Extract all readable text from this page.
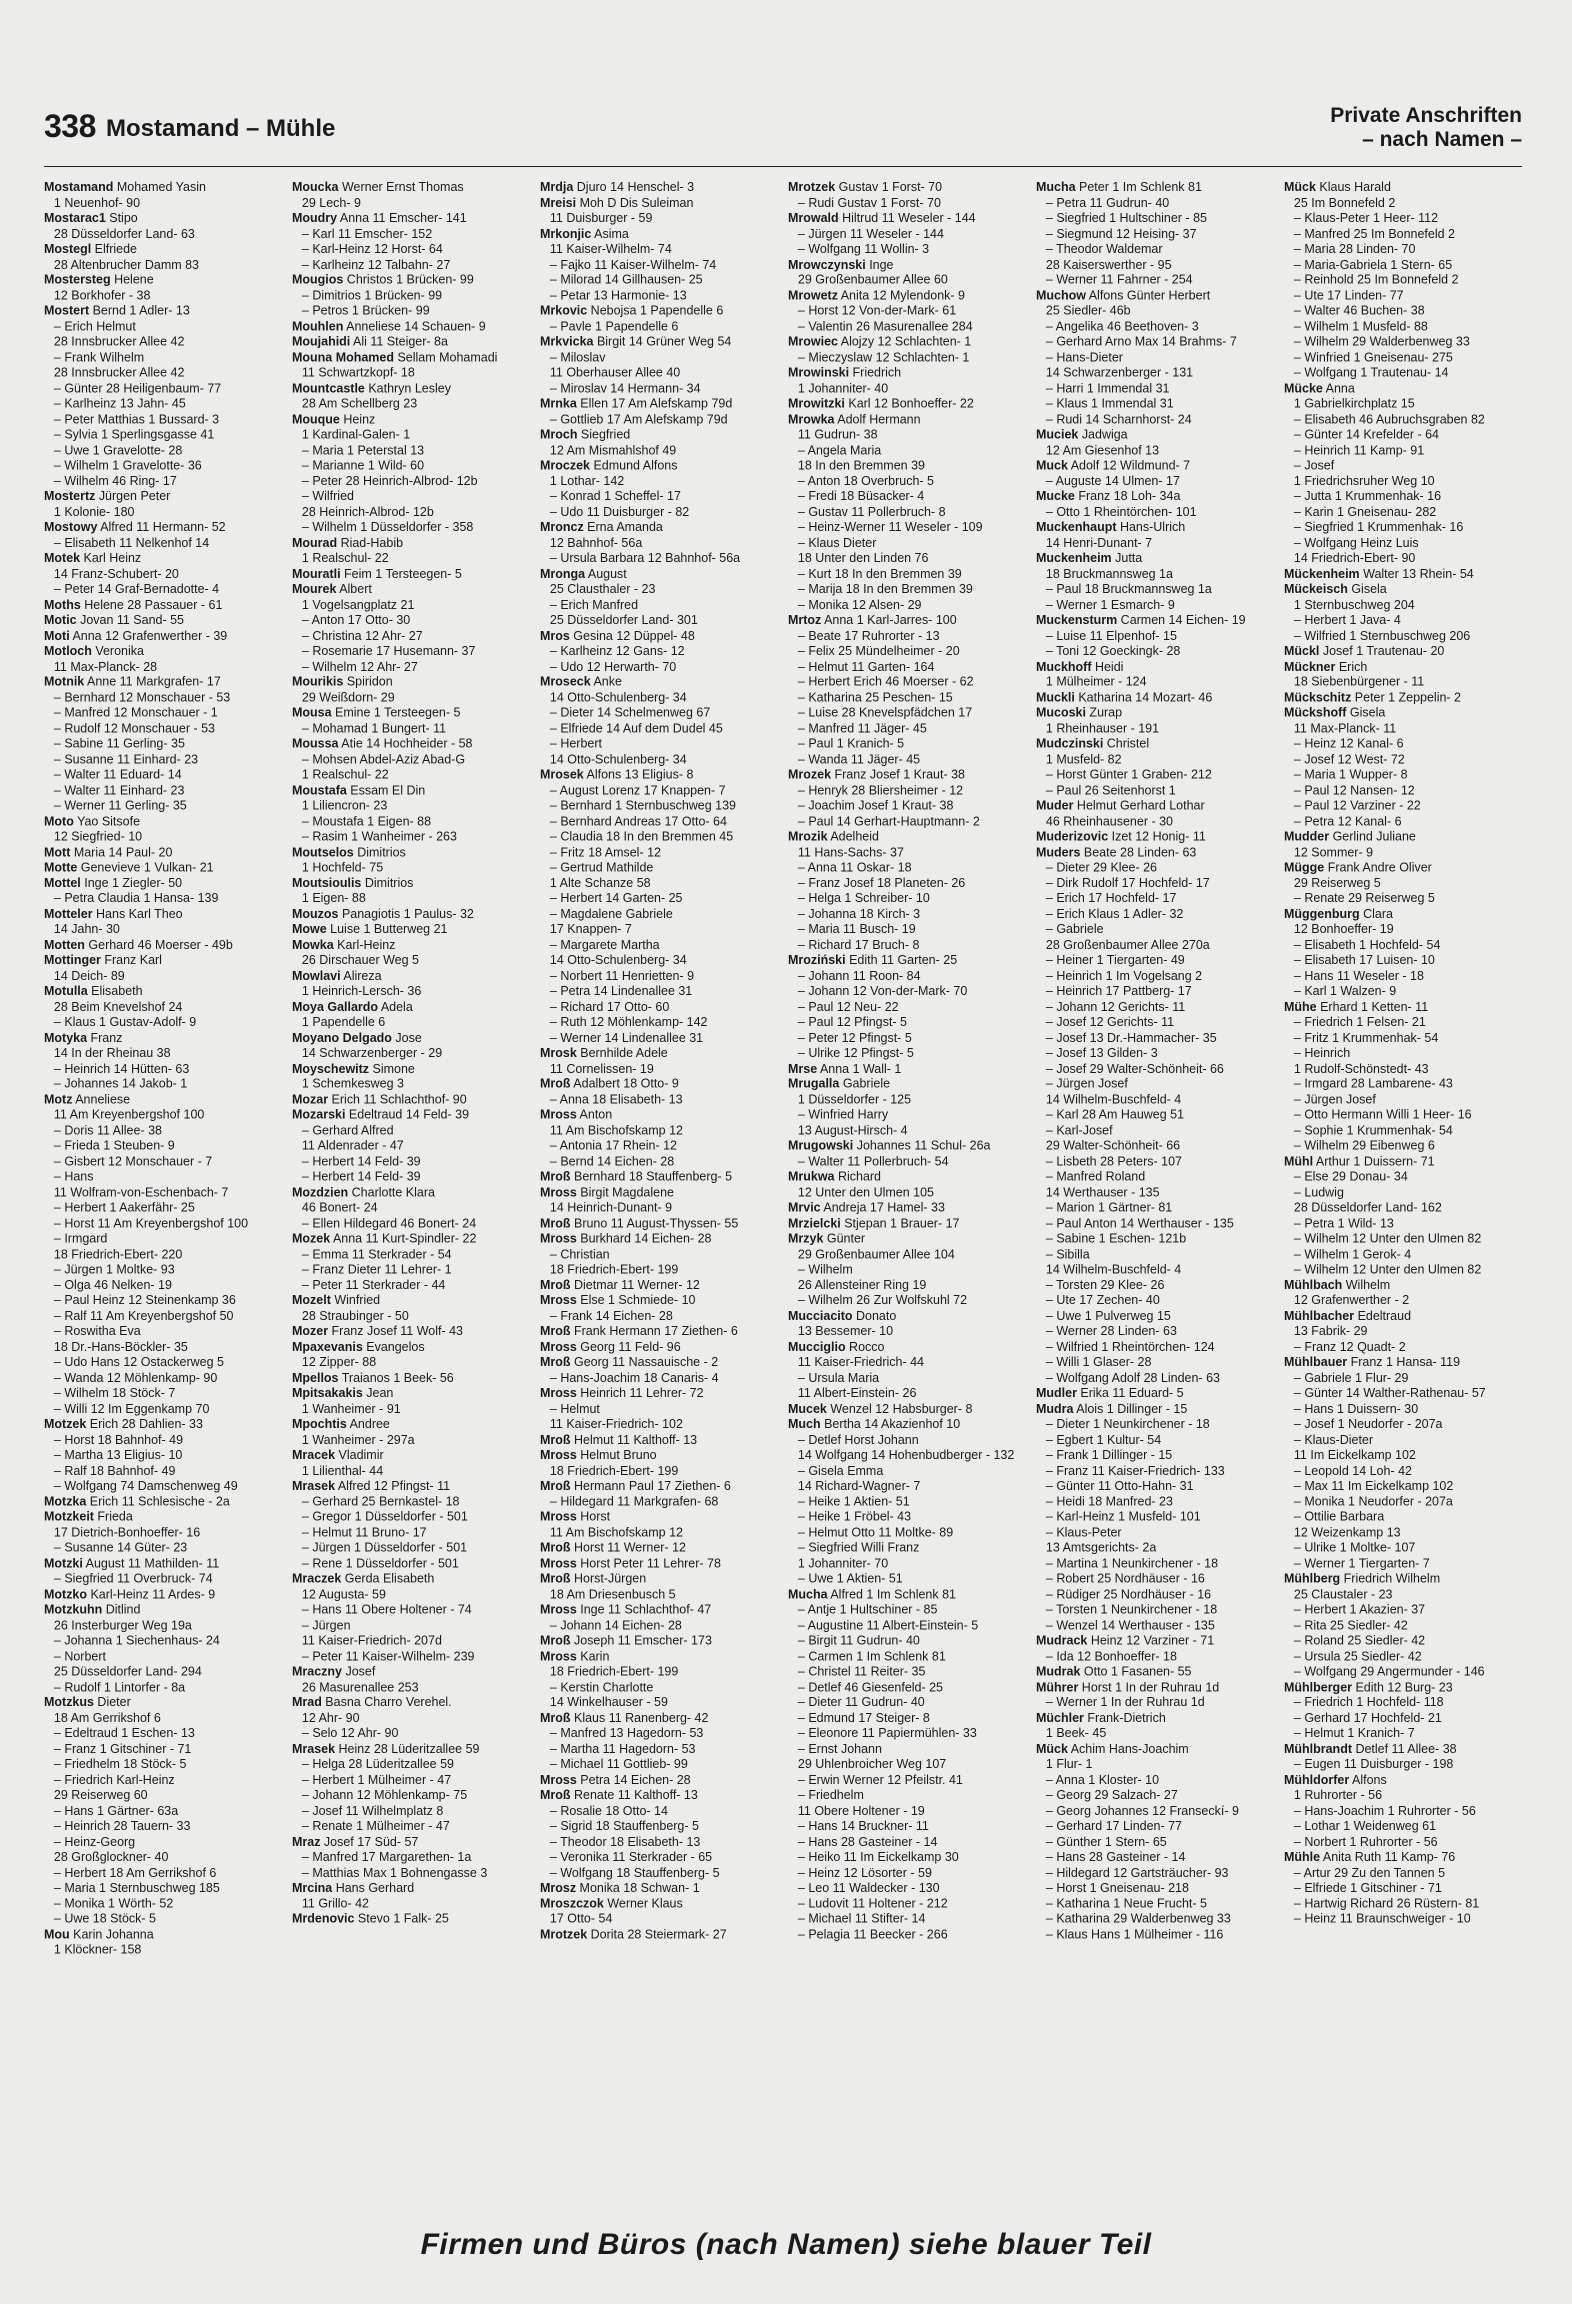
338 Mostamand – Mühle	Private Anschriften
– nach Namen –
Mostamand Mohamed Yasin
1 Neuenhof- 90
Mostarac1 Stipo
28 Düsseldorfer Land- 63
Mostegl Elfriede
28 Altenbrucher Damm 83
Mostersteg Helene
12 Borkhofer - 38
Mostert Bernd 1 Adler- 13
– Erich Helmut
28 Innsbrucker Allee 42
– Frank Wilhelm
28 Innsbrucker Allee 42
– Günter 28 Heiligenbaum- 77
– Karlheinz 13 Jahn- 45
– Peter Matthias 1 Bussard- 3
– Sylvia 1 Sperlingsgasse 41
– Uwe 1 Gravelotte- 28
– Wilhelm 1 Gravelotte- 36
– Wilhelm 46 Ring- 17
Mostertz Jürgen Peter
1 Kolonie- 180
Mostowy Alfred 11 Hermann- 52
– Elisabeth 11 Nelkenhof 14
Motek Karl Heinz
14 Franz-Schubert- 20
– Peter 14 Graf-Bernadotte- 4
Moths Helene 28 Passauer - 61
Motic Jovan 11 Sand- 55
Moti Anna 12 Grafenwerther - 39
Motloch Veronika
11 Max-Planck- 28
Motnik Anne 11 Markgrafen- 17
– Bernhard 12 Monschauer - 53
– Manfred 12 Monschauer - 1
– Rudolf 12 Monschauer - 53
– Sabine 11 Gerling- 35
– Susanne 11 Einhard- 23
– Walter 11 Eduard- 14
– Walter 11 Einhard- 23
– Werner 11 Gerling- 35
Moto Yao Sitsofe
12 Siegfried- 10
Mott Maria 14 Paul- 20
Motte Genevieve 1 Vulkan- 21
Mottel Inge 1 Ziegler- 50
– Petra Claudia 1 Hansa- 139
Motteler Hans Karl Theo
14 Jahn- 30
Motten Gerhard 46 Moerser - 49b
Mottinger Franz Karl
14 Deich- 89
Motulla Elisabeth
28 Beim Knevelshof 24
– Klaus 1 Gustav-Adolf- 9
Motyka Franz
14 In der Rheinau 38
– Heinrich 14 Hütten- 63
– Johannes 14 Jakob- 1
Motz Anneliese
11 Am Kreyenbergshof 100
– Doris 11 Allee- 38
– Frieda 1 Steuben- 9
– Gisbert 12 Monschauer - 7
– Hans
11 Wolfram-von-Eschenbach- 7
– Herbert 1 Aakerfähr- 25
– Horst 11 Am Kreyenbergshof 100
– Irmgard
18 Friedrich-Ebert- 220
– Jürgen 1 Moltke- 93
– Olga 46 Nelken- 19
– Paul Heinz 12 Steinenkamp 36
– Ralf 11 Am Kreyenbergshof 50
– Roswitha Eva
18 Dr.-Hans-Böckler- 35
– Udo Hans 12 Ostackerweg 5
– Wanda 12 Möhlenkamp- 90
– Wilhelm 18 Stöck- 7
– Willi 12 Im Eggenkamp 70
Motzek Erich 28 Dahlien- 33
– Horst 18 Bahnhof- 49
– Martha 13 Eligius- 10
– Ralf 18 Bahnhof- 49
– Wolfgang 74 Damschenweg 49
Motzka Erich 11 Schlesische - 2a
Motzkeit Frieda
17 Dietrich-Bonhoeffer- 16
– Susanne 14 Güter- 23
Motzki August 11 Mathilden- 11
– Siegfried 11 Overbruck- 74
Motzko Karl-Heinz 11 Ardes- 9
Motzkuhn Ditlind
26 Insterburger Weg 19a
– Johanna 1 Siechenhaus- 24
– Norbert
25 Düsseldorfer Land- 294
– Rudolf 1 Lintorfer - 8a
Motzkus Dieter
18 Am Gerrikshof 6
– Edeltraud 1 Eschen- 13
– Franz 1 Gitschiner - 71
– Friedhelm 18 Stöck- 5
– Friedrich Karl-Heinz
29 Reiserweg 60
– Hans 1 Gärtner- 63a
– Heinrich 28 Tauern- 33
– Heinz-Georg
28 Großglockner- 40
– Herbert 18 Am Gerrikshof 6
– Maria 1 Sternbuschweg 185
– Monika 1 Wörth- 52
– Uwe 18 Stöck- 5
Mou Karin Johanna
1 Klöckner- 158
Moucka Werner Ernst Thomas
29 Lech- 9
Moudry Anna 11 Emscher- 141
– Karl 11 Emscher- 152
– Karl-Heinz 12 Horst- 64
– Karlheinz 12 Talbahn- 27
Mougios Christos 1 Brücken- 99
– Dimitrios 1 Brücken- 99
– Petros 1 Brücken- 99
Mouhlen Anneliese 14 Schauen- 9
Moujahidi Ali 11 Steiger- 8a
Mouna Mohamed Sellam Mohamadi
11 Schwartzkopf- 18
Mountcastle Kathryn Lesley
28 Am Schellberg 23
Mouque Heinz
1 Kardinal-Galen- 1
– Maria 1 Peterstal 13
– Marianne 1 Wild- 60
– Peter 28 Heinrich-Albrod- 12b
– Wilfried
28 Heinrich-Albrod- 12b
– Wilhelm 1 Düsseldorfer - 358
Mourad Riad-Habib
1 Realschul- 22
Mouratli Feim 1 Tersteegen- 5
Mourek Albert
1 Vogelsangplatz 21
– Anton 17 Otto- 30
– Christina 12 Ahr- 27
– Rosemarie 17 Husemann- 37
– Wilhelm 12 Ahr- 27
Mourikis Spiridon
29 Weißdorn- 29
Mousa Emine 1 Tersteegen- 5
– Mohamad 1 Bungert- 11
Moussa Atie 14 Hochheider - 58
– Mohsen Abdel-Aziz Abad-G
1 Realschul- 22
Moustafa Essam El Din
1 Liliencron- 23
– Moustafa 1 Eigen- 88
– Rasim 1 Wanheimer - 263
Moutselos Dimitrios
1 Hochfeld- 75
Moutsioulis Dimitrios
1 Eigen- 88
Mouzos Panagiotis 1 Paulus- 32
Mowe Luise 1 Butterweg 21
Mowka Karl-Heinz
26 Dirschauer Weg 5
Mowlavi Alireza
1 Heinrich-Lersch- 36
Moya Gallardo Adela
1 Papendelle 6
Moyano Delgado Jose
14 Schwarzenberger - 29
Moyschewitz Simone
1 Schemkesweg 3
Mozar Erich 11 Schlachthof- 90
Mozarski Edeltraud 14 Feld- 39
– Gerhard Alfred
11 Aldenrader - 47
– Herbert 14 Feld- 39
– Herbert 14 Feld- 39
Mozdzien Charlotte Klara
46 Bonert- 24
– Ellen Hildegard 46 Bonert- 24
Mozek Anna 11 Kurt-Spindler- 22
– Emma 11 Sterkrader - 54
– Franz Dieter 11 Lehrer- 1
– Peter 11 Sterkrader - 44
Mozelt Winfried
28 Straubinger - 50
Mozer Franz Josef 11 Wolf- 43
Mpaxevanis Evangelos
12 Zipper- 88
Mpellos Traianos 1 Beek- 56
Mpitsakakis Jean
1 Wanheimer - 91
Mpochtis Andree
1 Wanheimer - 297a
Mracek Vladimir
1 Lilienthal- 44
Mrasek Alfred 12 Pfingst- 11
– Gerhard 25 Bernkastel- 18
– Gregor 1 Düsseldorfer - 501
– Helmut 11 Bruno- 17
– Jürgen 1 Düsseldorfer - 501
– Rene 1 Düsseldorfer - 501
Mraczek Gerda Elisabeth
12 Augusta- 59
– Hans 11 Obere Holtener - 74
– Jürgen
11 Kaiser-Friedrich- 207d
– Peter 11 Kaiser-Wilhelm- 239
Mraczny Josef
26 Masurenallee 253
Mrad Basna Charro Verehel.
12 Ahr- 90
– Selo 12 Ahr- 90
Mrasek Heinz 28 Lüderitzallee 59
– Helga 28 Lüderitzallee 59
– Herbert 1 Mülheimer - 47
– Johann 12 Möhlenkamp- 75
– Josef 11 Wilhelmplatz 8
– Renate 1 Mülheimer - 47
Mraz Josef 17 Süd- 57
– Manfred 17 Margarethen- 1a
– Matthias Max 1 Bohnengasse 3
Mrcina Hans Gerhard
11 Grillo- 42
Mrdenovic Stevo 1 Falk- 25
Mrdja Djuro 14 Henschel- 3
Mreisi Moh D Dis Suleiman
11 Duisburger - 59
Mrkonjic Asima
11 Kaiser-Wilhelm- 74
– Fajko 11 Kaiser-Wilhelm- 74
– Milorad 14 Gillhausen- 25
– Petar 13 Harmonie- 13
Mrkovic Nebojsa 1 Papendelle 6
– Pavle 1 Papendelle 6
Mrkvicka Birgit 14 Grüner Weg 54
– Miloslav
11 Oberhauser Allee 40
– Miroslav 14 Hermann- 34
Mrnka Ellen 17 Am Alefskamp 79d
– Gottlieb 17 Am Alefskamp 79d
Mroch Siegfried
12 Am Mismahlshof 49
Mroczek Edmund Alfons
1 Lothar- 142
– Konrad 1 Scheffel- 17
– Udo 11 Duisburger - 82
Mroncz Erna Amanda
12 Bahnhof- 56a
– Ursula Barbara 12 Bahnhof- 56a
Mronga August
25 Clausthaler - 23
– Erich Manfred
25 Düsseldorfer Land- 301
Mros Gesina 12 Düppel- 48
– Karlheinz 12 Gans- 12
– Udo 12 Herwarth- 70
Mroseck Anke
14 Otto-Schulenberg- 34
– Dieter 14 Schelmenweg 67
– Elfriede 14 Auf dem Dudel 45
– Herbert
14 Otto-Schulenberg- 34
Mrosek Alfons 13 Eligius- 8
– August Lorenz 17 Knappen- 7
– Bernhard 1 Sternbuschweg 139
– Bernhard Andreas 17 Otto- 64
– Claudia 18 In den Bremmen 45
– Fritz 18 Amsel- 12
– Gertrud Mathilde
1 Alte Schanze 58
– Herbert 14 Garten- 25
– Magdalene Gabriele
17 Knappen- 7
– Margarete Martha
14 Otto-Schulenberg- 34
– Norbert 11 Henrietten- 9
– Petra 14 Lindenallee 31
– Richard 17 Otto- 60
– Ruth 12 Möhlenkamp- 142
– Werner 14 Lindenallee 31
Mrosk Bernhilde Adele
11 Cornelissen- 19
Mroß Adalbert 18 Otto- 9
– Anna 18 Elisabeth- 13
Mross Anton
11 Am Bischofskamp 12
– Antonia 17 Rhein- 12
– Bernd 14 Eichen- 28
Mroß Bernhard 18 Stauffenberg- 5
Mross Birgit Magdalene
14 Heinrich-Dunant- 9
Mroß Bruno 11 August-Thyssen- 55
Mross Burkhard 14 Eichen- 28
– Christian
18 Friedrich-Ebert- 199
Mroß Dietmar 11 Werner- 12
Mross Else 1 Schmiede- 10
– Frank 14 Eichen- 28
Mroß Frank Hermann 17 Ziethen- 6
Mross Georg 11 Feld- 96
Mroß Georg 11 Nassauische - 2
– Hans-Joachim 18 Canaris- 4
Mross Heinrich 11 Lehrer- 72
– Helmut
11 Kaiser-Friedrich- 102
Mroß Helmut 11 Kalthoff- 13
Mross Helmut Bruno
18 Friedrich-Ebert- 199
Mroß Hermann Paul 17 Ziethen- 6
– Hildegard 11 Markgrafen- 68
Mross Horst
11 Am Bischofskamp 12
Mroß Horst 11 Werner- 12
Mross Horst Peter 11 Lehrer- 78
Mroß Horst-Jürgen
18 Am Driesenbusch 5
Mross Inge 11 Schlachthof- 47
– Johann 14 Eichen- 28
Mroß Joseph 11 Emscher- 173
Mross Karin
18 Friedrich-Ebert- 199
– Kerstin Charlotte
14 Winkelhauser - 59
Mroß Klaus 11 Ranenberg- 42
– Manfred 13 Hagedorn- 53
– Martha 11 Hagedorn- 53
– Michael 11 Gottlieb- 99
Mross Petra 14 Eichen- 28
Mroß Renate 11 Kalthoff- 13
– Rosalie 18 Otto- 14
– Sigrid 18 Stauffenberg- 5
– Theodor 18 Elisabeth- 13
– Veronika 11 Sterkrader - 65
– Wolfgang 18 Stauffenberg- 5
Mrosz Monika 18 Schwan- 1
Mroszczok Werner Klaus
17 Otto- 54
Mrotzek Dorita 28 Steiermark- 27
Mrotzek Gustav 1 Forst- 70
– Rudi Gustav 1 Forst- 70
Mrowald Hiltrud 11 Weseler - 144
– Jürgen 11 Weseler - 144
– Wolfgang 11 Wollin- 3
Mrowczynski Inge
29 Großenbaumer Allee 60
Mrowetz Anita 12 Mylendonk- 9
– Horst 12 Von-der-Mark- 61
– Valentin 26 Masurenallee 284
Mrowiec Alojzy 12 Schlachten- 1
– Mieczyslaw 12 Schlachten- 1
Mrowinski Friedrich
1 Johanniter- 40
Mrowitzki Karl 12 Bonhoeffer- 22
Mrowka Adolf Hermann
11 Gudrun- 38
– Angela Maria
18 In den Bremmen 39
– Anton 18 Overbruch- 5
– Fredi 18 Büsacker- 4
– Gustav 11 Pollerbruch- 8
– Heinz-Werner 11 Weseler - 109
– Klaus Dieter
18 Unter den Linden 76
– Kurt 18 In den Bremmen 39
– Marija 18 In den Bremmen 39
– Monika 12 Alsen- 29
Mrtoz Anna 1 Karl-Jarres- 100
– Beate 17 Ruhrorter - 13
– Felix 25 Mündelheimer - 20
– Helmut 11 Garten- 164
– Herbert Erich 46 Moerser - 62
– Katharina 25 Peschen- 15
– Luise 28 Knevelspfädchen 17
– Manfred 11 Jäger- 45
– Paul 1 Kranich- 5
– Wanda 11 Jäger- 45
Mrozek Franz Josef 1 Kraut- 38
– Henryk 28 Bliersheimer - 12
– Joachim Josef 1 Kraut- 38
– Paul 14 Gerhart-Hauptmann- 2
Mrozik Adelheid
11 Hans-Sachs- 37
– Anna 11 Oskar- 18
– Franz Josef 18 Planeten- 26
– Helga 1 Schreiber- 10
– Johanna 18 Kirch- 3
– Maria 11 Busch- 19
– Richard 17 Bruch- 8
Mroziński Edith 11 Garten- 25
– Johann 11 Roon- 84
– Johann 12 Von-der-Mark- 70
– Paul 12 Neu- 22
– Paul 12 Pfingst- 5
– Peter 12 Pfingst- 5
– Ulrike 12 Pfingst- 5
Mrse Anna 1 Wall- 1
Mrugalla Gabriele
1 Düsseldorfer - 125
– Winfried Harry
13 August-Hirsch- 4
Mrugowski Johannes 11 Schul- 26a
– Walter 11 Pollerbruch- 54
Mrukwa Richard
12 Unter den Ulmen 105
Mrvic Andreja 17 Hamel- 33
Mrzielcki Stjepan 1 Brauer- 17
Mrzyk Günter
29 Großenbaumer Allee 104
– Wilhelm
26 Allensteiner Ring 19
– Wilhelm 26 Zur Wolfskuhl 72
Mucciacito Donato
13 Bessemer- 10
Mucciglio Rocco
11 Kaiser-Friedrich- 44
– Ursula Maria
11 Albert-Einstein- 26
Mucek Wenzel 12 Habsburger- 8
Much Bertha 14 Akazienhof 10
– Detlef Horst Johann
14 Wolfgang 14 Hohenbudberger - 132
– Gisela Emma
14 Richard-Wagner- 7
– Heike 1 Aktien- 51
– Heike 1 Fröbel- 43
– Helmut Otto 11 Moltke- 89
– Siegfried Willi Franz
1 Johanniter- 70
– Uwe 1 Aktien- 51
Mucha Alfred 1 Im Schlenk 81
– Antje 1 Hultschiner - 85
– Augustine 11 Albert-Einstein- 5
– Birgit 11 Gudrun- 40
– Carmen 1 Im Schlenk 81
– Christel 11 Reiter- 35
– Detlef 46 Giesenfeld- 25
– Dieter 11 Gudrun- 40
– Edmund 17 Steiger- 8
– Eleonore 11 Papiermühlen- 33
– Ernst Johann
29 Uhlenbroicher Weg 107
– Erwin Werner 12 Pfeilstr. 41
– Friedhelm
11 Obere Holtener - 19
– Hans 14 Bruckner- 11
– Hans 28 Gasteiner - 14
– Heiko 11 Im Eickelkamp 30
– Heinz 12 Lösorter - 59
– Leo 11 Waldecker - 130
– Ludovit 11 Holtener - 212
– Michael 11 Stifter- 14
– Pelagia 11 Beecker - 266
Mucha Peter 1 Im Schlenk 81
– Petra 11 Gudrun- 40
– Siegfried 1 Hultschiner - 85
– Siegmund 12 Heising- 37
– Theodor Waldemar
28 Kaiserswerther - 95
– Werner 11 Fahrner - 254
Muchow Alfons Günter Herbert
25 Siedler- 46b
– Angelika 46 Beethoven- 3
– Gerhard Arno Max 14 Brahms- 7
– Hans-Dieter
14 Schwarzenberger - 131
– Harri 1 Immendal 31
– Klaus 1 Immendal 31
– Rudi 14 Scharnhorst- 24
Muciek Jadwiga
12 Am Giesenhof 13
Muck Adolf 12 Wildmund- 7
– Auguste 14 Ulmen- 17
Mucke Franz 18 Loh- 34a
– Otto 1 Rheintörchen- 101
Muckenhaupt Hans-Ulrich
14 Henri-Dunant- 7
Muckenheim Jutta
18 Bruckmannsweg 1a
– Paul 18 Bruckmannsweg 1a
– Werner 1 Esmarch- 9
Muckensturm Carmen 14 Eichen- 19
– Luise 11 Elpenhof- 15
– Toni 12 Goeckingk- 28
Muckhoff Heidi
1 Mülheimer - 124
Muckli Katharina 14 Mozart- 46
Mucoski Zurap
1 Rheinhauser - 191
Mudczinski Christel
1 Musfeld- 82
– Horst Günter 1 Graben- 212
– Paul 26 Seitenhorst 1
Muder Helmut Gerhard Lothar
46 Rheinhausener - 30
Muderizovic Izet 12 Honig- 11
Muders Beate 28 Linden- 63
– Dieter 29 Klee- 26
– Dirk Rudolf 17 Hochfeld- 17
– Erich 17 Hochfeld- 17
– Erich Klaus 1 Adler- 32
– Gabriele
28 Großenbaumer Allee 270a
– Heiner 1 Tiergarten- 49
– Heinrich 1 Im Vogelsang 2
– Heinrich 17 Pattberg- 17
– Johann 12 Gerichts- 11
– Josef 12 Gerichts- 11
– Josef 13 Dr.-Hammacher- 35
– Josef 13 Gilden- 3
– Josef 29 Walter-Schönheit- 66
– Jürgen Josef
14 Wilhelm-Buschfeld- 4
– Karl 28 Am Hauweg 51
– Karl-Josef
29 Walter-Schönheit- 66
– Lisbeth 28 Peters- 107
– Manfred Roland
14 Werthauser - 135
– Marion 1 Gärtner- 81
– Paul Anton 14 Werthauser - 135
– Sabine 1 Eschen- 121b
– Sibilla
14 Wilhelm-Buschfeld- 4
– Torsten 29 Klee- 26
– Ute 17 Zechen- 40
– Uwe 1 Pulverweg 15
– Werner 28 Linden- 63
– Wilfried 1 Rheintörchen- 124
– Willi 1 Glaser- 28
– Wolfgang Adolf 28 Linden- 63
Mudler Erika 11 Eduard- 5
Mudra Alois 1 Dillinger - 15
– Dieter 1 Neunkirchener - 18
– Egbert 1 Kultur- 54
– Frank 1 Dillinger - 15
– Franz 11 Kaiser-Friedrich- 133
– Günter 11 Otto-Hahn- 31
– Heidi 18 Manfred- 23
– Karl-Heinz 1 Musfeld- 101
– Klaus-Peter
13 Amtsgerichts- 2a
– Martina 1 Neunkirchener - 18
– Robert 25 Nordhäuser - 16
– Rüdiger 25 Nordhäuser - 16
– Torsten 1 Neunkirchener - 18
– Wenzel 14 Werthauser - 135
Mudrack Heinz 12 Varziner - 71
– Ida 12 Bonhoeffer- 18
Mudrak Otto 1 Fasanen- 55
Mührer Horst 1 In der Ruhrau 1d
– Werner 1 In der Ruhrau 1d
Müchler Frank-Dietrich
1 Beek- 45
Mück Achim Hans-Joachim
1 Flur- 1
– Anna 1 Kloster- 10
– Georg 29 Salzach- 27
– Georg Johannes 12 Franseckí- 9
– Gerhard 17 Linden- 77
– Günther 1 Stern- 65
– Hans 28 Gasteiner - 14
– Hildegard 12 Gartsträucher- 93
– Horst 1 Gneisenau- 218
– Katharina 1 Neue Frucht- 5
– Katharina 29 Walderbenweg 33
– Klaus Hans 1 Mülheimer - 116
Mück Klaus Harald
25 Im Bonnefeld 2
– Klaus-Peter 1 Heer- 112
– Manfred 25 Im Bonnefeld 2
– Maria 28 Linden- 70
– Maria-Gabriela 1 Stern- 65
– Reinhold 25 Im Bonnefeld 2
– Ute 17 Linden- 77
– Walter 46 Buchen- 38
– Wilhelm 1 Musfeld- 88
– Wilhelm 29 Walderbenweg 33
– Winfried 1 Gneisenau- 275
– Wolfgang 1 Trautenau- 14
Mücke Anna
1 Gabrielkirchplatz 15
– Elisabeth 46 Aubruchsgraben 82
– Günter 14 Krefelder - 64
– Heinrich 11 Kamp- 91
– Josef
1 Friedrichsruher Weg 10
– Jutta 1 Krummenhak- 16
– Karin 1 Gneisenau- 282
– Siegfried 1 Krummenhak- 16
– Wolfgang Heinz Luis
14 Friedrich-Ebert- 90
Mückenheim Walter 13 Rhein- 54
Mückeisch Gisela
1 Sternbuschweg 204
– Herbert 1 Java- 4
– Wilfried 1 Sternbuschweg 206
Mückl Josef 1 Trautenau- 20
Mückner Erich
18 Siebenbürgener - 11
Mückschitz Peter 1 Zeppelin- 2
Mückshoff Gisela
11 Max-Planck- 11
– Heinz 12 Kanal- 6
– Josef 12 West- 72
– Maria 1 Wupper- 8
– Paul 12 Nansen- 12
– Paul 12 Varziner - 22
– Petra 12 Kanal- 6
Mudder Gerlind Juliane
12 Sommer- 9
Mügge Frank Andre Oliver
29 Reiserweg 5
– Renate 29 Reiserweg 5
Müggenburg Clara
12 Bonhoeffer- 19
– Elisabeth 1 Hochfeld- 54
– Elisabeth 17 Luisen- 10
– Hans 11 Weseler - 18
– Karl 1 Walzen- 9
Mühe Erhard 1 Ketten- 11
– Friedrich 1 Felsen- 21
– Fritz 1 Krummenhak- 54
– Heinrich
1 Rudolf-Schönstedt- 43
– Irmgard 28 Lambarene- 43
– Jürgen Josef
– Otto Hermann Willi 1 Heer- 16
– Sophie 1 Krummenhak- 54
– Wilhelm 29 Eibenweg 6
Mühl Arthur 1 Duissern- 71
– Else 29 Donau- 34
– Ludwig
28 Düsseldorfer Land- 162
– Petra 1 Wild- 13
– Wilhelm 12 Unter den Ulmen 82
– Wilhelm 1 Gerok- 4
– Wilhelm 12 Unter den Ulmen 82
Mühlbach Wilhelm
12 Grafenwerther - 2
Mühlbacher Edeltraud
13 Fabrik- 29
– Franz 12 Quadt- 2
Mühlbauer Franz 1 Hansa- 119
– Gabriele 1 Flur- 29
– Günter 14 Walther-Rathenau- 57
– Hans 1 Duissern- 30
– Josef 1 Neudorfer - 207a
– Klaus-Dieter
11 Im Eickelkamp 102
– Leopold 14 Loh- 42
– Max 11 Im Eickelkamp 102
– Monika 1 Neudorfer - 207a
– Ottilie Barbara
12 Weizenkamp 13
– Ulrike 1 Moltke- 107
– Werner 1 Tiergarten- 7
Mühlberg Friedrich Wilhelm
25 Claustaler - 23
– Herbert 1 Akazien- 37
– Rita 25 Siedler- 42
– Roland 25 Siedler- 42
– Ursula 25 Siedler- 42
– Wolfgang 29 Angermunder - 146
Mühlberger Edith 12 Burg- 23
– Friedrich 1 Hochfeld- 118
– Gerhard 17 Hochfeld- 21
– Helmut 1 Kranich- 7
Mühlbrandt Detlef 11 Allee- 38
– Eugen 11 Duisburger - 198
Mühldorfer Alfons
1 Ruhrorter - 56
– Hans-Joachim 1 Ruhrorter - 56
– Lothar 1 Weidenweg 61
– Norbert 1 Ruhrorter - 56
Mühle Anita Ruth 11 Kamp- 76
– Artur 29 Zu den Tannen 5
– Elfriede 1 Gitschiner - 71
– Hartwig Richard 26 Rüstern- 81
– Heinz 11 Braunschweiger - 10
Firmen und Büros (nach Namen) siehe blauer Teil
